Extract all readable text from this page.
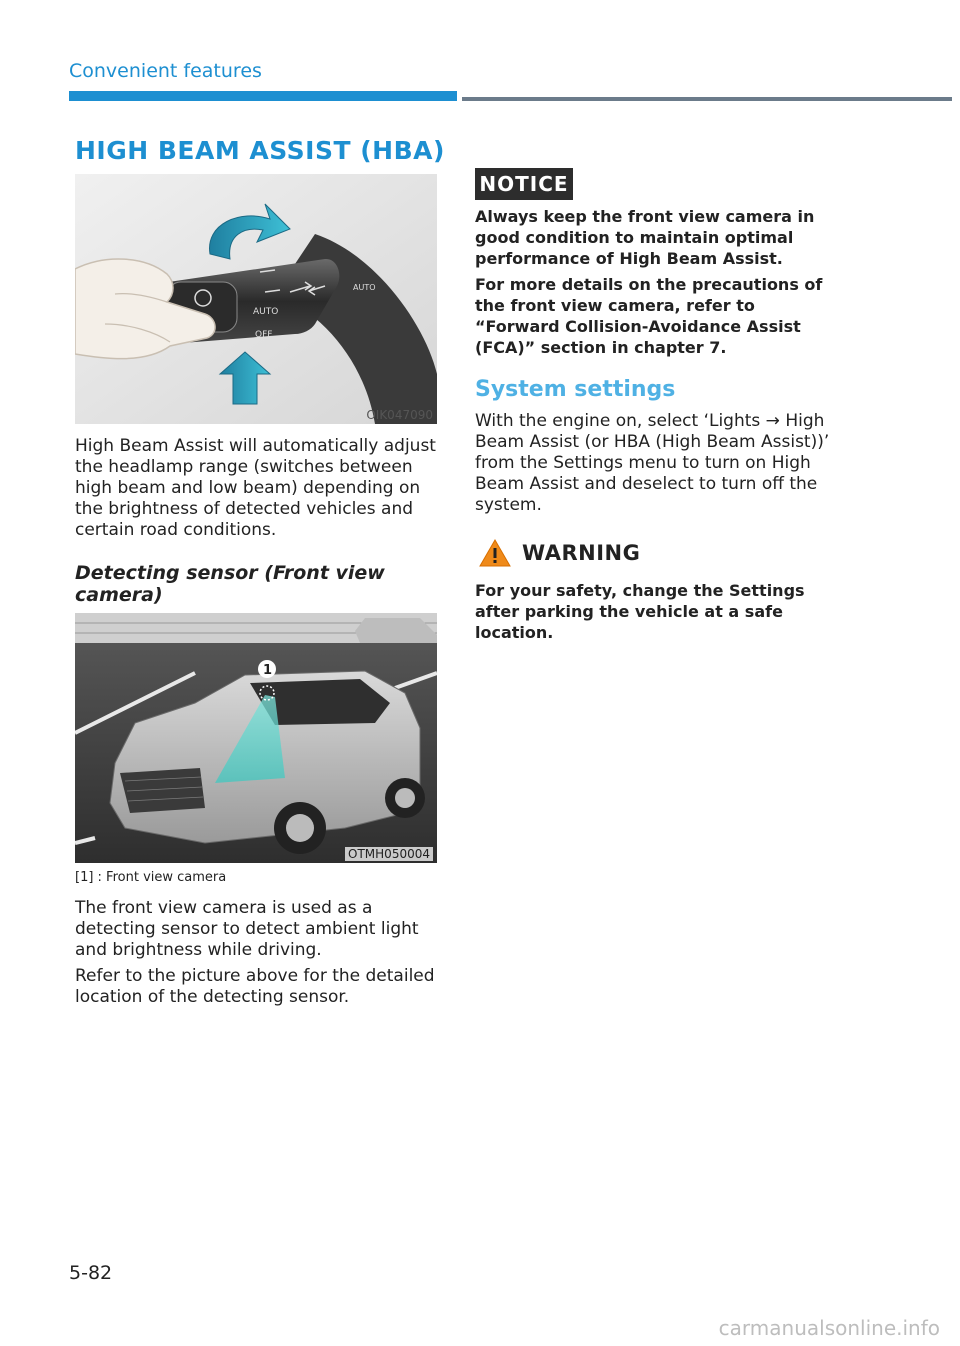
Convenient features
HIGH BEAM ASSIST (HBA)
AUTO
OFF
AUTO
OIK047090

High Beam Assist will automatically adjust the headlamp range (switches between high beam and low beam) depending on the brightness of detected vehicles and certain road conditions.

Detecting sensor (Front view camera)

1
OTMH050004
[1] : Front view camera

The front view camera is used as a detecting sensor to detect ambient light and brightness while driving.

Refer to the picture above for the detailed location of the detecting sensor.

NOTICE

Always keep the front view camera in good condition to maintain optimal performance of High Beam Assist.

For more details on the precautions of the front view camera, refer to “Forward Collision-Avoidance Assist (FCA)” section in chapter 7.

System settings

With the engine on, select ‘Lights → High Beam Assist (or HBA (High Beam Assist))’ from the Settings menu to turn on High Beam Assist and deselect to turn off the system.

WARNING

For your safety, change the Settings after parking the vehicle at a safe location.

5-82
carmanualsonline.info
